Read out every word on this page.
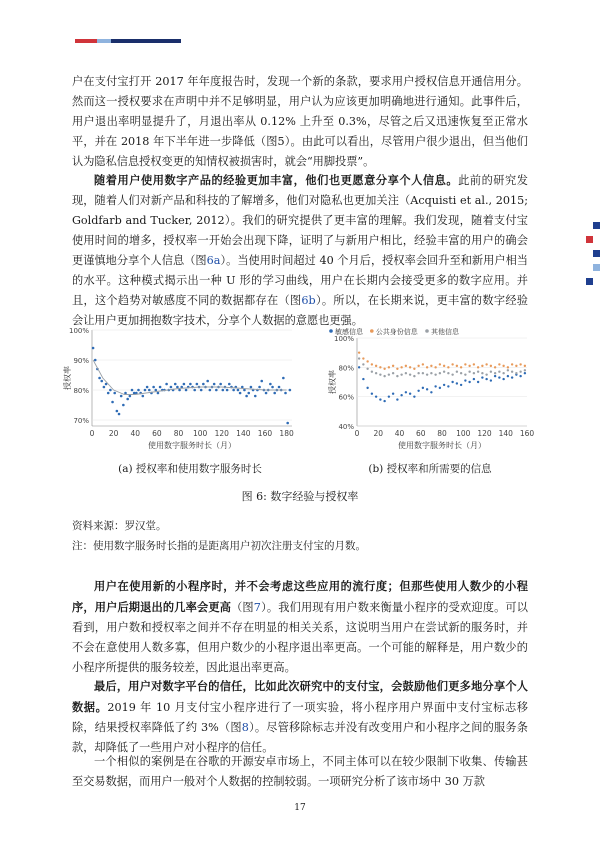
户在支付宝打开 2017 年年度报告时，发现一个新的条款，要求用户授权信息开通信用分。然而这一授权要求在声明中并不足够明显，用户认为应该更加明确地进行通知。此事件后，用户退出率明显提升了，月退出率从 0.12% 上升至 0.3%，尽管之后又迅速恢复至正常水平，并在 2018 年下半年进一步降低（图5）。由此可以看出，尽管用户很少退出，但当他们认为隐私信息授权变更的知情权被损害时，就会“用脚投票”。

随着用户使用数字产品的经验更加丰富，他们也更愿意分享个人信息。此前的研究发现，随着人们对新产品和科技的了解增多，他们对隐私也更加关注（Acquisti et al., 2015; Goldfarb and Tucker, 2012）。我们的研究提供了更丰富的理解。我们发现，随着支付宝使用时间的增多，授权率一开始会出现下降，证明了与新用户相比，经验丰富的用户的确会更谨慎地分享个人信息（图6a）。当使用时间超过 40 个月后，授权率会回升至和新用户相当的水平。这种模式揭示出一种 U 形的学习曲线，用户在长期内会接受更多的数字应用。并且，这个趋势对敏感度不同的数据都存在（图6b）。所以，在长期来说，更丰富的数字经验会让用户更加拥抱数字技术，分享个人数据的意愿也更强。

100%
90%
80%
70%
0 20 40 60 80 100 120 140 160 180
使用数字服务时长（月）
授权率
100%
80%
60%
40%
0 20 40 60 80 100 120 140 160
使用数字服务时长（月）
授权率
敏感信息 公共身份信息 其他信息
(a) 授权率和使用数字服务时长	(b) 授权率和所需要的信息
图 6: 数字经验与授权率
资料来源：罗汉堂。
注：使用数字服务时长指的是距离用户初次注册支付宝的月数。

用户在使用新的小程序时，并不会考虑这些应用的流行度；但那些使用人数少的小程序，用户后期退出的几率会更高（图7）。我们用现有用户数来衡量小程序的受欢迎度。可以看到，用户数和授权率之间并不存在明显的相关关系，这说明当用户在尝试新的服务时，并不会在意使用人数多寡，但用户数少的小程序退出率更高。一个可能的解释是，用户数少的小程序所提供的服务较差，因此退出率更高。

最后，用户对数字平台的信任，比如此次研究中的支付宝，会鼓励他们更多地分享个人数据。2019 年 10 月支付宝小程序进行了一项实验，将小程序用户界面中支付宝标志移除，结果授权率降低了约 3%（图8）。尽管移除标志并没有改变用户和小程序之间的服务条款，却降低了一些用户对小程序的信任。

一个相似的案例是在谷歌的开源安卓市场上，不同主体可以在较少限制下收集、传输甚至交易数据，而用户一般对个人数据的控制较弱。一项研究分析了该市场中 30 万款

17
